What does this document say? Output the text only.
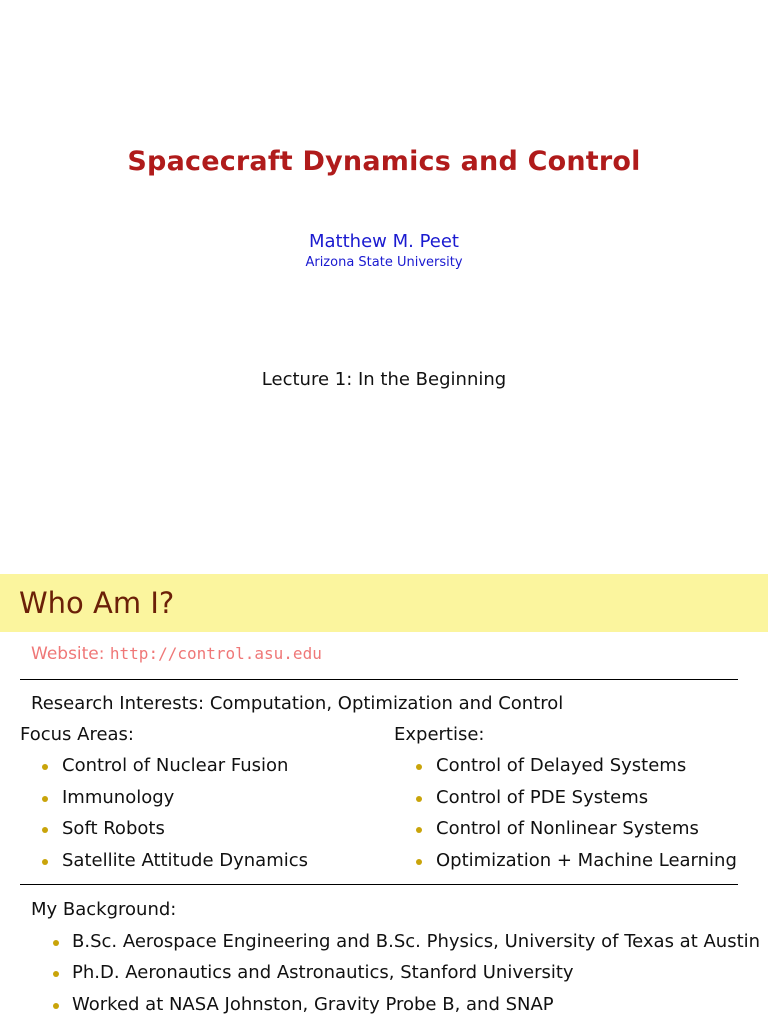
Spacecraft Dynamics and Control
Matthew M. Peet
Arizona State University
Lecture 1: In the Beginning
Who Am I?
Website: http://control.asu.edu
Research Interests: Computation, Optimization and Control
Focus Areas:
Control of Nuclear Fusion
Immunology
Soft Robots
Satellite Attitude Dynamics
Expertise:
Control of Delayed Systems
Control of PDE Systems
Control of Nonlinear Systems
Optimization + Machine Learning
My Background:
B.Sc. Aerospace Engineering and B.Sc. Physics, University of Texas at Austin
Ph.D. Aeronautics and Astronautics, Stanford University
Worked at NASA Johnston, Gravity Probe B, and SNAP
